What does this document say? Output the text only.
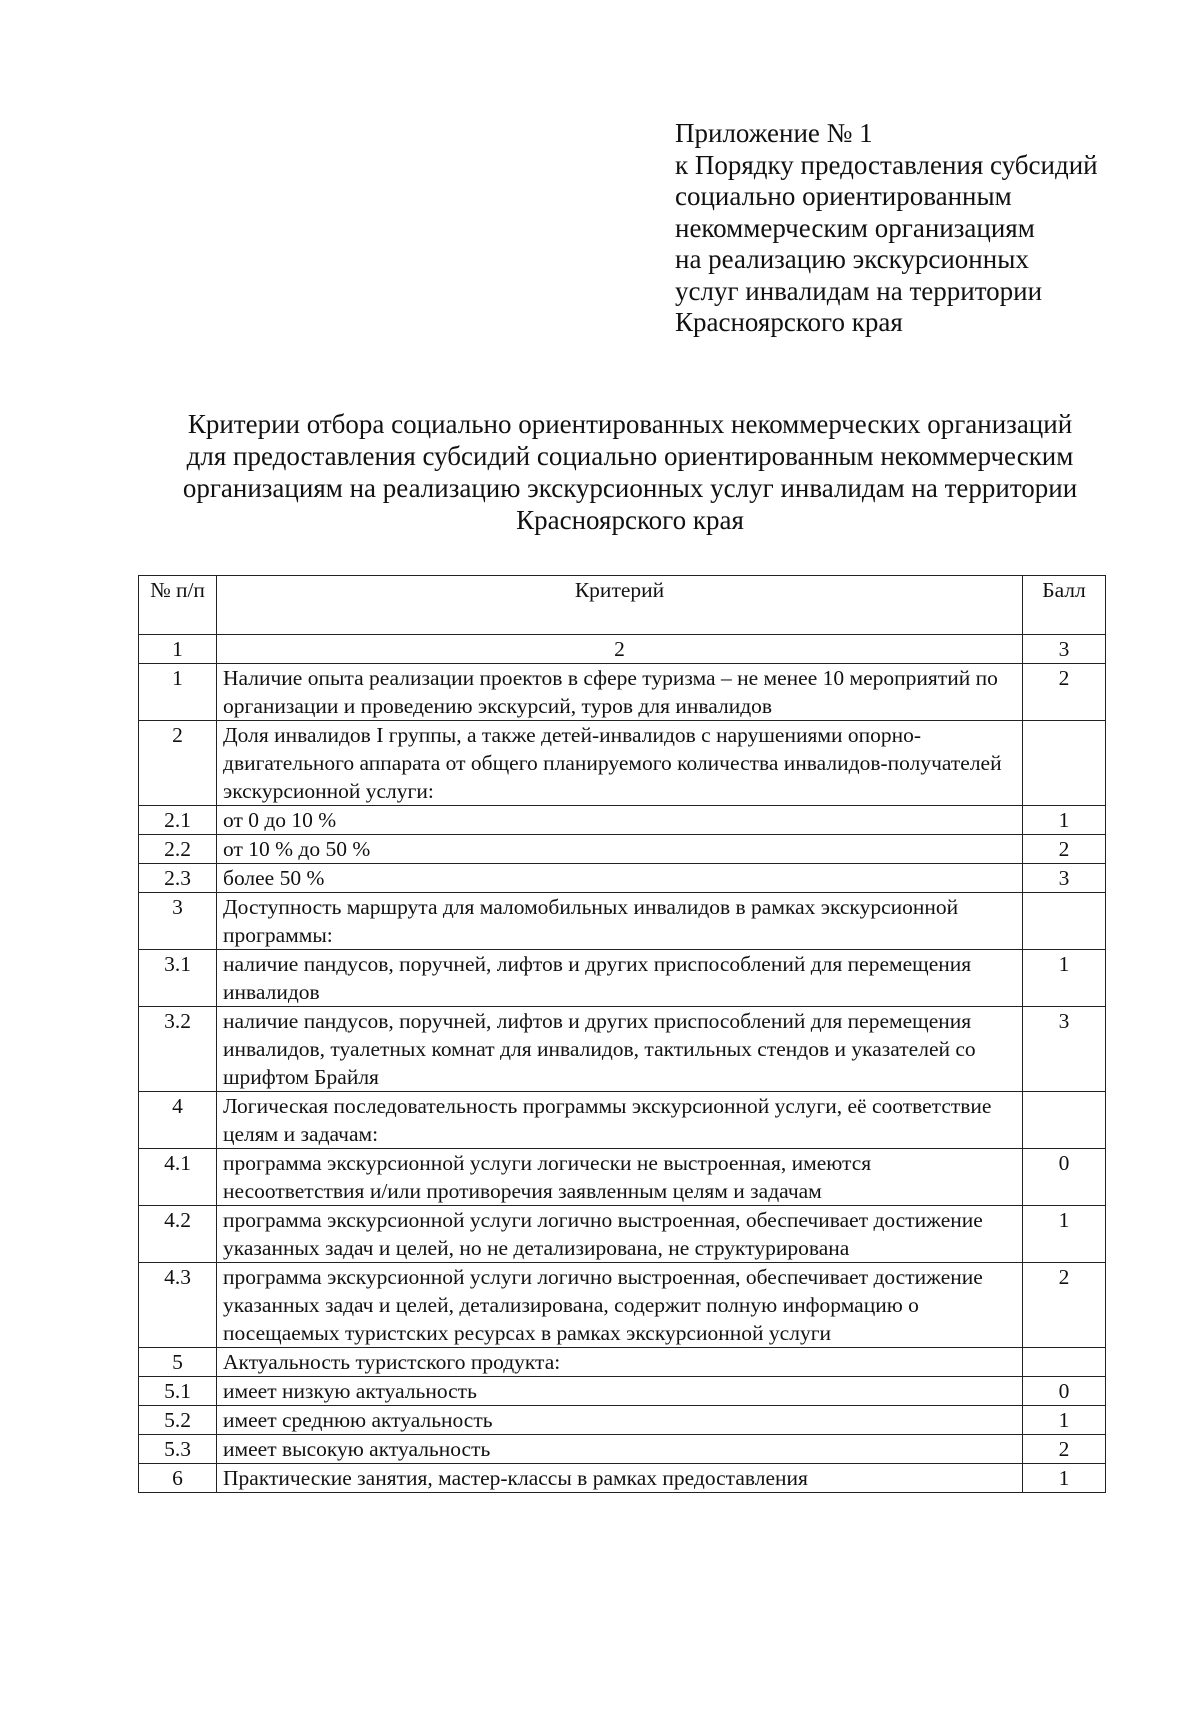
Приложение № 1
к Порядку предоставления субсидий
социально ориентированным
некоммерческим организациям
на реализацию экскурсионных
услуг инвалидам на территории
Красноярского края
Критерии отбора социально ориентированных некоммерческих организаций
для предоставления субсидий социально ориентированным некоммерческим
организациям на реализацию экскурсионных услуг инвалидам на территории
Красноярского края
№ п/п	Критерий	Балл
1	2	3
1	Наличие опыта реализации проектов в сфере туризма – не менее 10 мероприятий по организации и проведению экскурсий, туров для инвалидов	2
2	Доля инвалидов I группы, а также детей-инвалидов с нарушениями опорно-двигательного аппарата от общего планируемого количества инвалидов-получателей экскурсионной услуги:	
2.1	от 0 до 10 %	1
2.2	от 10 % до 50 %	2
2.3	более 50 %	3
3	Доступность маршрута для маломобильных инвалидов в рамках экскурсионной программы:	
3.1	наличие пандусов, поручней, лифтов и других приспособлений для перемещения инвалидов	1
3.2	наличие пандусов, поручней, лифтов и других приспособлений для перемещения инвалидов, туалетных комнат для инвалидов, тактильных стендов и указателей со шрифтом Брайля	3
4	Логическая последовательность программы экскурсионной услуги, её соответствие целям и задачам:	
4.1	программа экскурсионной услуги логически не выстроенная, имеются несоответствия и/или противоречия заявленным целям и задачам	0
4.2	программа экскурсионной услуги логично выстроенная, обеспечивает достижение указанных задач и целей, но не детализирована, не структурирована	1
4.3	программа экскурсионной услуги логично выстроенная, обеспечивает достижение указанных задач и целей, детализирована, содержит полную информацию о посещаемых туристских ресурсах в рамках экскурсионной услуги	2
5	Актуальность туристского продукта:	
5.1	имеет низкую актуальность	0
5.2	имеет среднюю актуальность	1
5.3	имеет высокую актуальность	2
6	Практические занятия, мастер-классы в рамках предоставления	1
